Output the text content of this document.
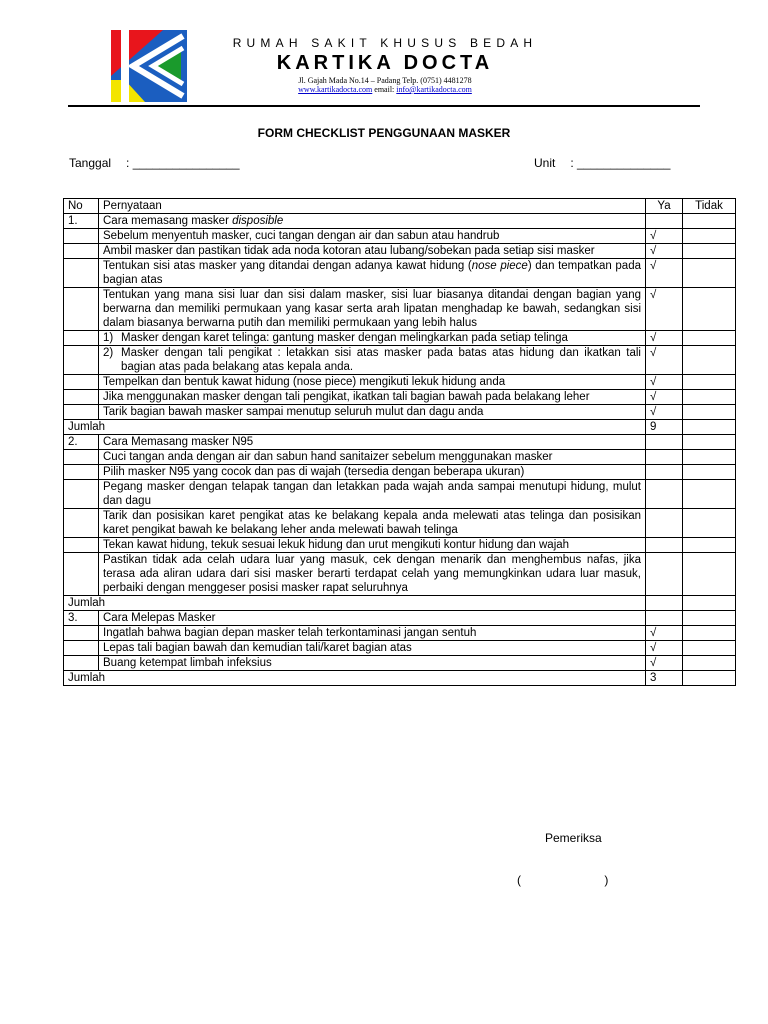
RUMAH SAKIT KHUSUS BEDAH
KARTIKA DOCTA
Jl. Gajah Mada No.14 – Padang Telp. (0751) 4481278
www.kartikadocta.com email: info@kartikadocta.com
FORM CHECKLIST PENGGUNAAN MASKER
Tanggal : ________________	Unit : ______________
No	Pernyataan	Ya	Tidak
1.	Cara memasang masker disposible		
	Sebelum menyentuh masker, cuci tangan dengan air dan sabun atau handrub	√	
	Ambil masker dan pastikan tidak ada noda kotoran atau lubang/sobekan pada setiap sisi masker	√	
	Tentukan sisi atas masker yang ditandai dengan adanya kawat hidung (nose piece) dan tempatkan pada bagian atas	√	
	Tentukan yang mana sisi luar dan sisi dalam masker, sisi luar biasanya ditandai dengan bagian yang berwarna dan memiliki permukaan yang kasar serta arah lipatan menghadap ke bawah, sedangkan sisi dalam biasanya berwarna putih dan memiliki permukaan yang lebih halus	√	

	1) Masker dengan karet telinga: gantung masker dengan melingkarkan pada setiap telinga	√	

	2) Masker dengan tali pengikat : letakkan sisi atas masker pada batas atas hidung dan ikatkan tali bagian atas pada belakang atas kepala anda.	√	
	Tempelkan dan bentuk kawat hidung (nose piece) mengikuti lekuk hidung anda	√	
	Jika menggunakan masker dengan tali pengikat, ikatkan tali bagian bawah pada belakang leher	√	
	Tarik bagian bawah masker sampai menutup seluruh mulut dan dagu anda	√	
Jumlah		9	
2.	Cara Memasang masker N95		
	Cuci tangan anda dengan air dan sabun hand sanitaizer sebelum menggunakan masker		
	Pilih masker N95 yang cocok dan pas di wajah (tersedia dengan beberapa ukuran)		
	Pegang masker dengan telapak tangan dan letakkan pada wajah anda sampai menutupi hidung, mulut dan dagu		
	Tarik dan posisikan karet pengikat atas ke belakang kepala anda melewati atas telinga dan posisikan karet pengikat bawah ke belakang leher anda melewati bawah telinga		
	Tekan kawat hidung, tekuk sesuai lekuk hidung dan urut mengikuti kontur hidung dan wajah		
	Pastikan tidak ada celah udara luar yang masuk, cek dengan menarik dan menghembus nafas, jika terasa ada aliran udara dari sisi masker berarti terdapat celah yang memungkinkan udara luar masuk, perbaiki dengan menggeser posisi masker rapat seluruhnya		
Jumlah			
3.	Cara Melepas Masker		
	Ingatlah bahwa bagian depan masker telah terkontaminasi jangan sentuh	√	
	Lepas tali bagian bawah dan kemudian tali/karet bagian atas	√	
	Buang ketempat limbah infeksius	√	
Jumlah		3	
Pemeriksa
(                         )
